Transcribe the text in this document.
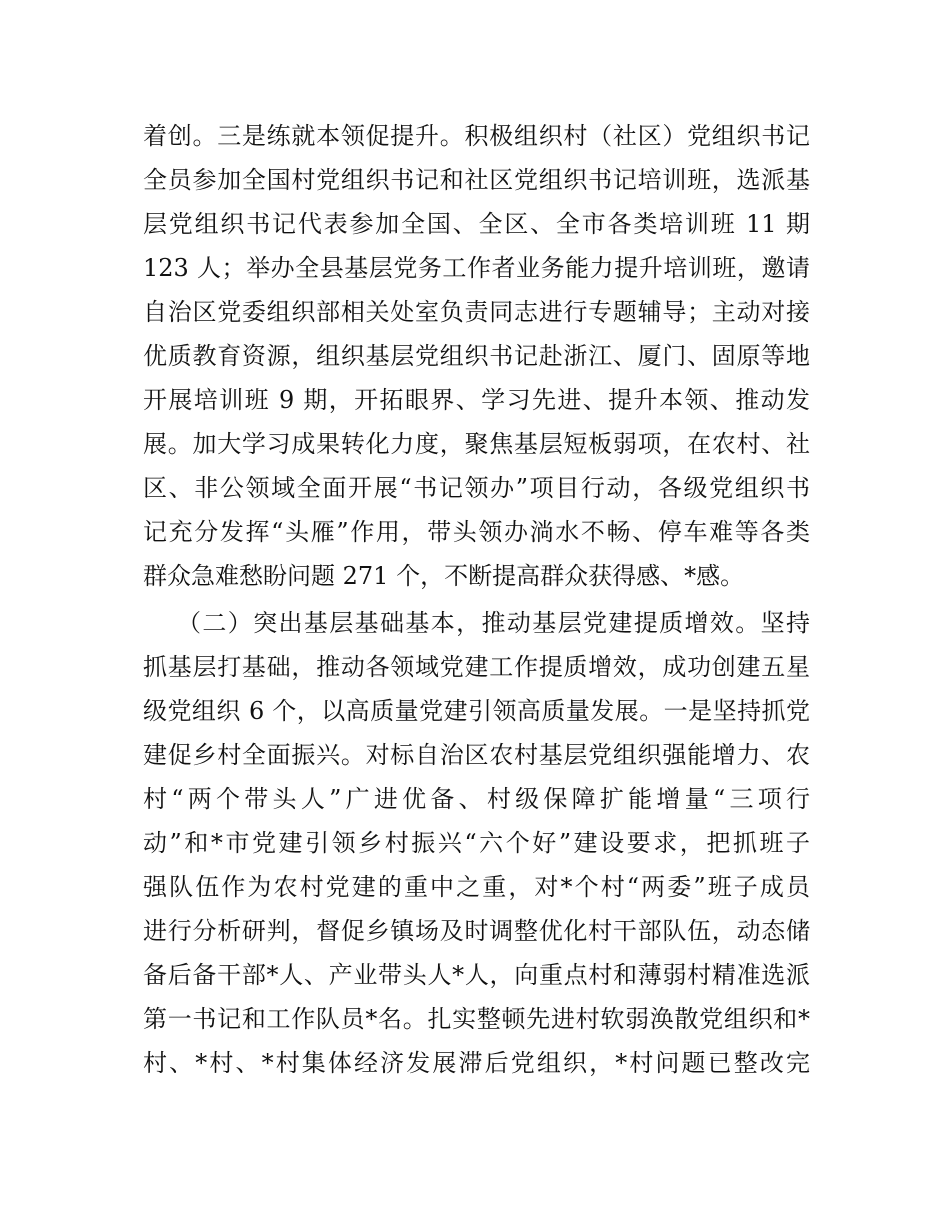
着创。三是练就本领促提升。积极组织村（社区）党组织书记
全员参加全国村党组织书记和社区党组织书记培训班，选派基
层党组织书记代表参加全国、全区、全市各类培训班 11 期
123 人；举办全县基层党务工作者业务能力提升培训班，邀请
自治区党委组织部相关处室负责同志进行专题辅导；主动对接
优质教育资源，组织基层党组织书记赴浙江、厦门、固原等地
开展培训班 9 期，开拓眼界、学习先进、提升本领、推动发
展。加大学习成果转化力度，聚焦基层短板弱项，在农村、社
区、非公领域全面开展“书记领办”项目行动，各级党组织书
记充分发挥“头雁”作用，带头领办淌水不畅、停车难等各类
群众急难愁盼问题 271 个，不断提高群众获得感、*感。
（二）突出基层基础基本，推动基层党建提质增效。坚持
抓基层打基础，推动各领域党建工作提质增效，成功创建五星
级党组织 6 个，以高质量党建引领高质量发展。一是坚持抓党
建促乡村全面振兴。对标自治区农村基层党组织强能增力、农
村“两个带头人”广进优备、村级保障扩能增量“三项行
动”和*市党建引领乡村振兴“六个好”建设要求，把抓班子
强队伍作为农村党建的重中之重，对*个村“两委”班子成员
进行分析研判，督促乡镇场及时调整优化村干部队伍，动态储
备后备干部*人、产业带头人*人，向重点村和薄弱村精准选派
第一书记和工作队员*名。扎实整顿先进村软弱涣散党组织和*
村、*村、*村集体经济发展滞后党组织，*村问题已整改完
